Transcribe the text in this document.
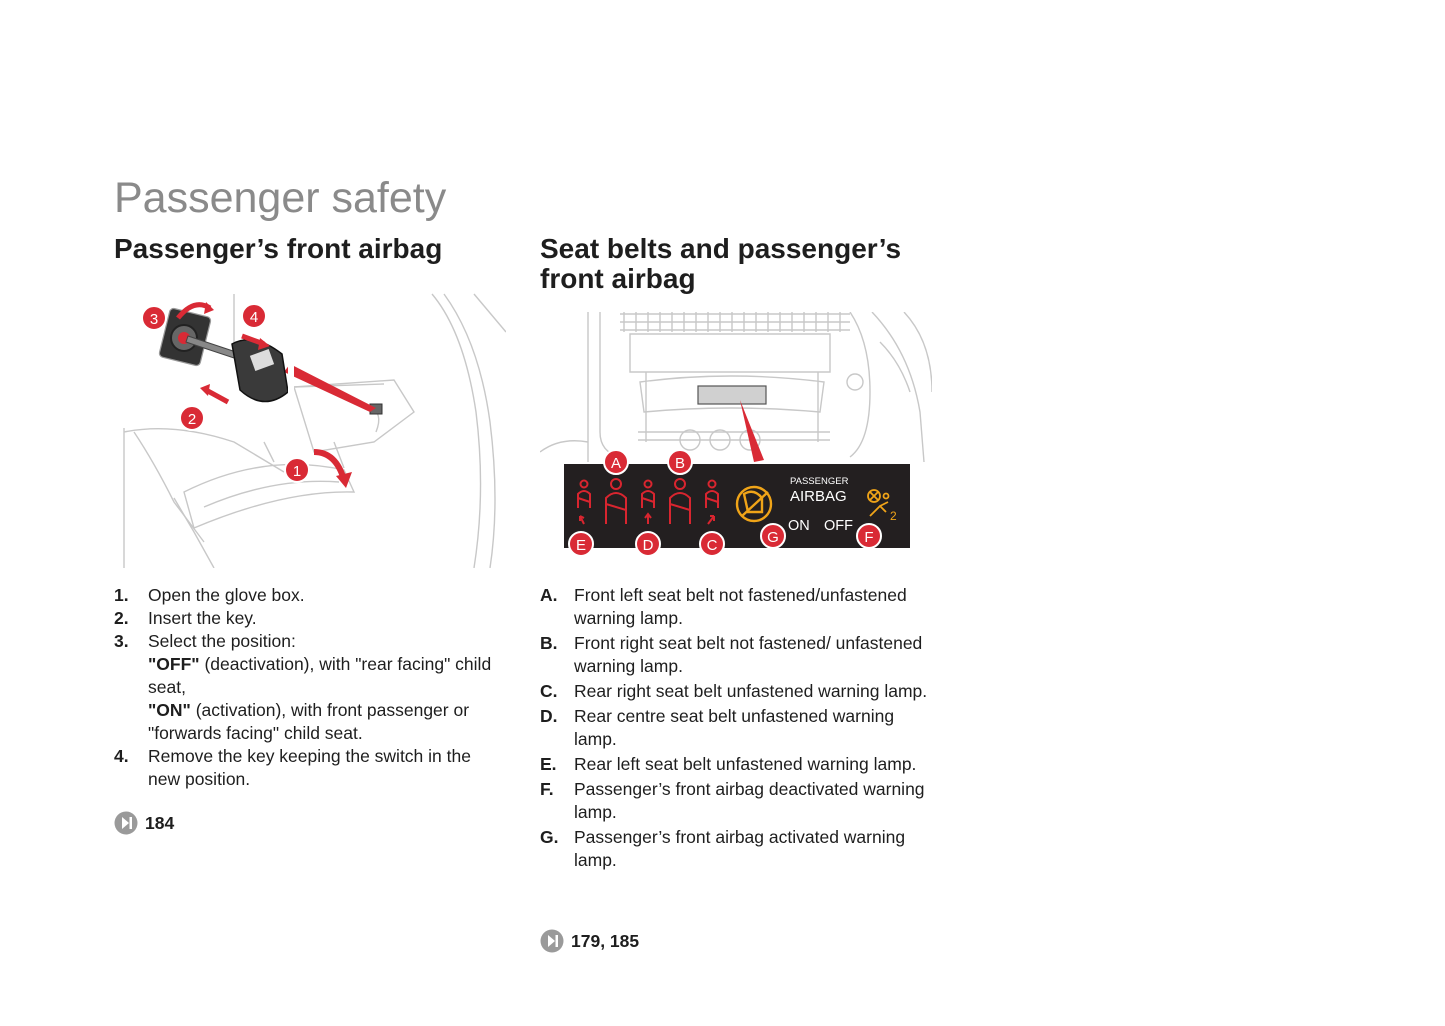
Passenger safety
Passenger’s front airbag	Seat belts and passenger’s front airbag
1
2
3	4
PASSENGER
AIRBAG
ON OFF
2
A	B
C
D
E	F
G
1. Open the glove box.
2. Insert the key.
3. Select the position:
"OFF" (deactivation), with "rear facing" child seat,
"ON" (activation), with front passenger or "forwards facing" child seat.
4. Remove the key keeping the switch in the new position.
184
A. Front left seat belt not fastened/unfastened warning lamp.
B. Front right seat belt not fastened/ unfastened warning lamp.
C. Rear right seat belt unfastened warning lamp.
D. Rear centre seat belt unfastened warning lamp.
E. Rear left seat belt unfastened warning lamp.
F. Passenger’s front airbag deactivated warning lamp.
G. Passenger’s front airbag activated warning lamp.
179, 185
